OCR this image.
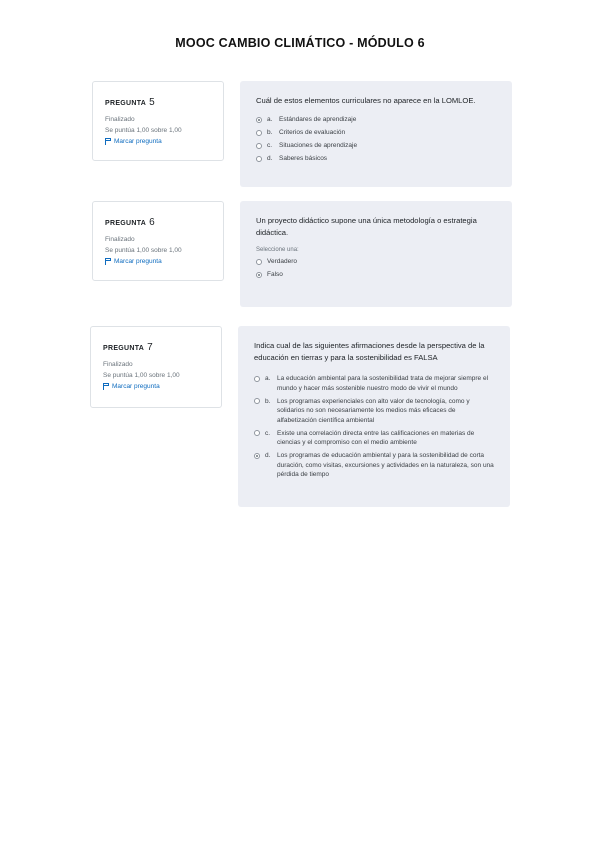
MOOC CAMBIO CLIMÁTICO - MÓDULO 6
PREGUNTA 5
Finalizado
Se puntúa 1,00 sobre 1,00
Marcar pregunta
Cuál de estos elementos curriculares no aparece en la LOMLOE.
a.	Estándares de aprendizaje
b.	Criterios de evaluación
c.	Situaciones de aprendizaje
d.	Saberes básicos
PREGUNTA 6
Finalizado
Se puntúa 1,00 sobre 1,00
Marcar pregunta
Un proyecto didáctico supone una única metodología o estrategia didáctica.
Seleccione una:
Verdadero
Falso
PREGUNTA 7
Finalizado
Se puntúa 1,00 sobre 1,00
Marcar pregunta
Indica cual de las siguientes afirmaciones desde la perspectiva de la educación en tierras y para la sostenibilidad es FALSA
a.	La educación ambiental para la sostenibilidad trata de mejorar siempre el mundo y hacer más sostenible nuestro modo de vivir el mundo
b.	Los programas experienciales con alto valor de tecnología, como y solidarios no son necesariamente los medios más eficaces de alfabetización científica ambiental
c.	Existe una correlación directa entre las calificaciones en materias de ciencias y el compromiso con el medio ambiente
d.	Los programas de educación ambiental y para la sostenibilidad de corta duración, como visitas, excursiones y actividades en la naturaleza, son una pérdida de tiempo
